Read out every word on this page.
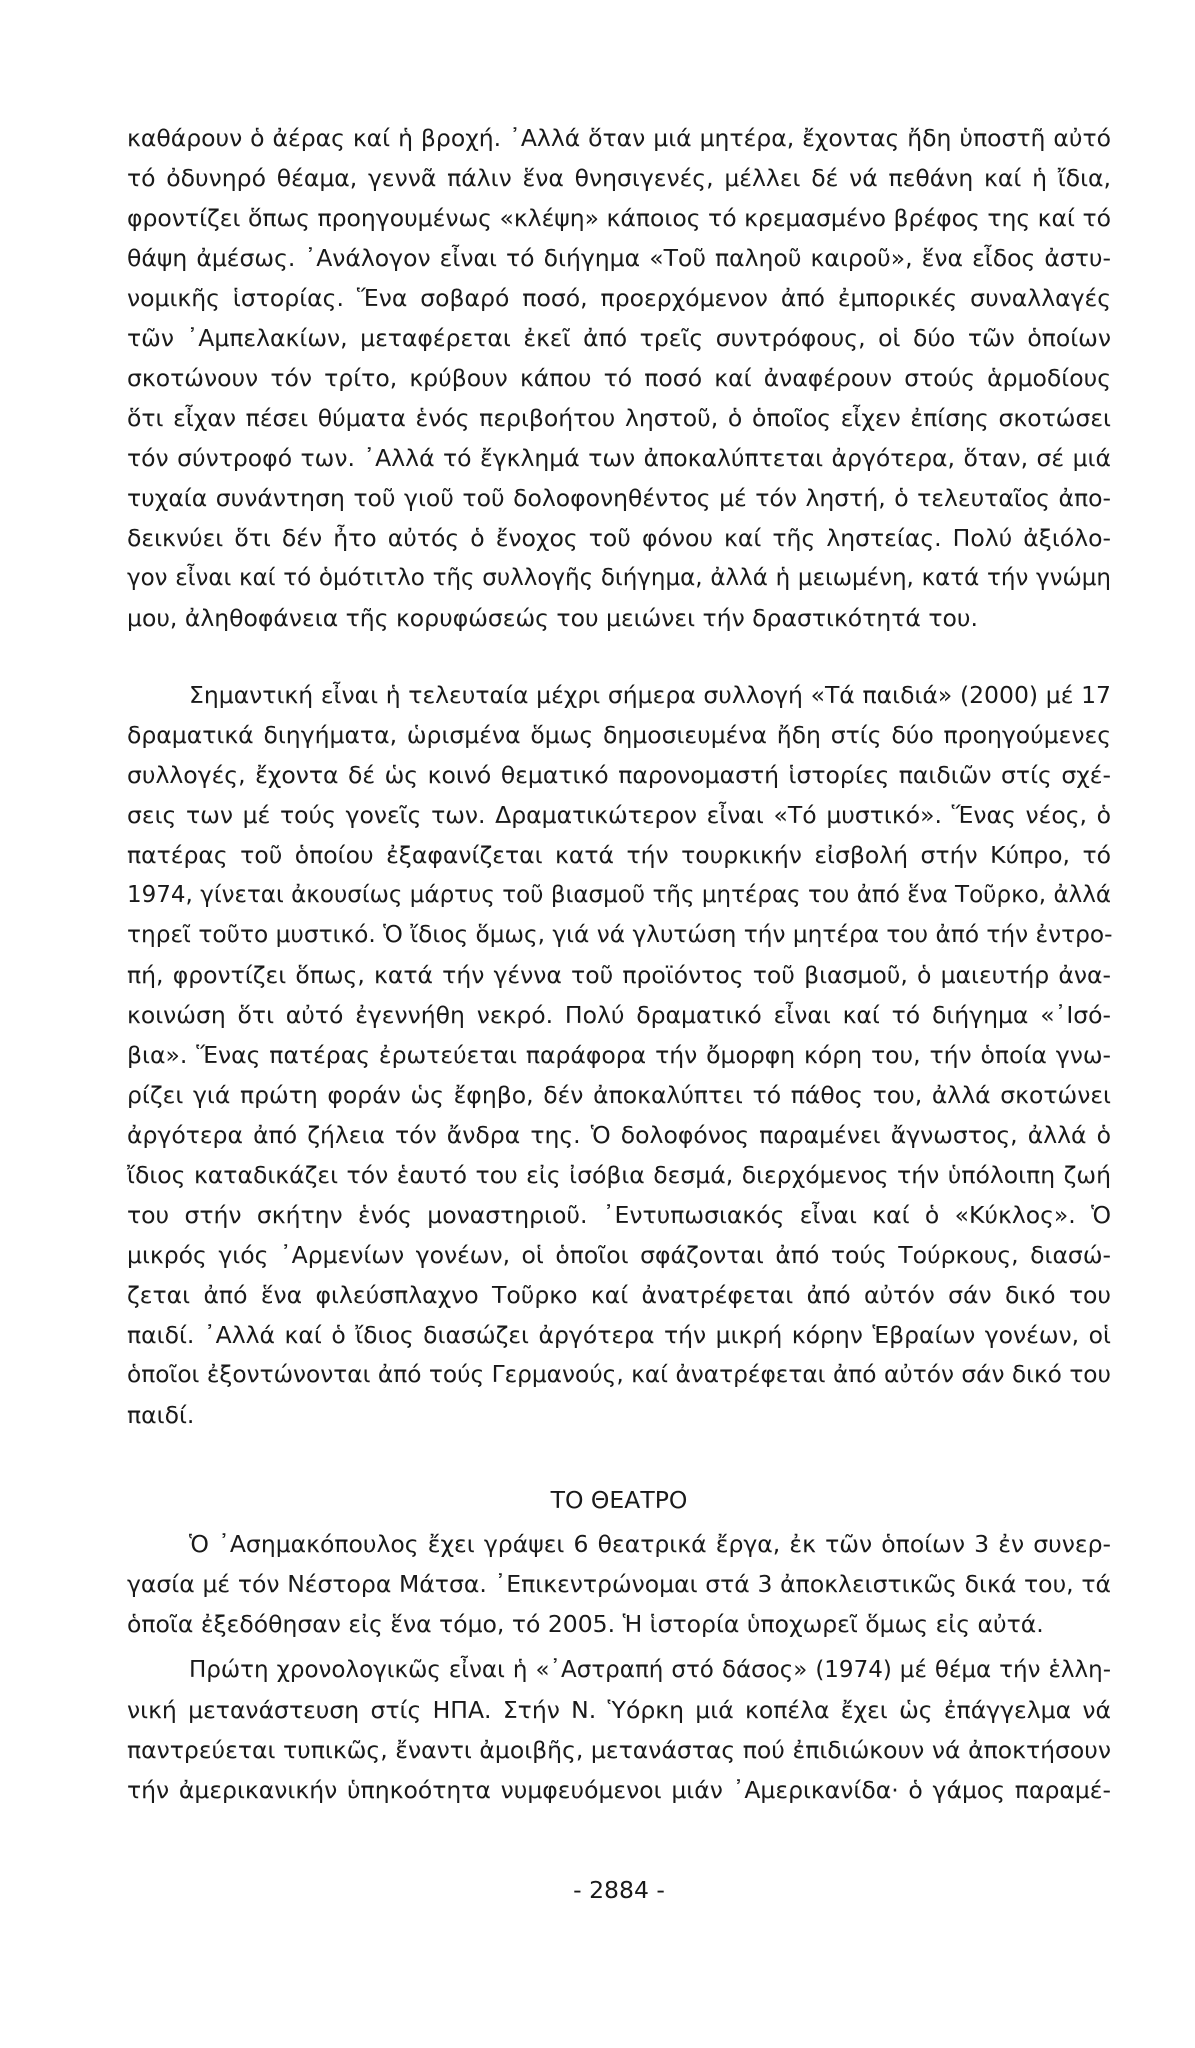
καθάρουν ὁ ἀέρας καί ἡ βροχή. ᾿Αλλά ὅταν μιά μητέρα, ἔχοντας ἤδη ὑποστῆ αὐτό
τό ὀδυνηρό θέαμα, γεννᾶ πάλιν ἕνα θνησιγενές, μέλλει δέ νά πεθάνη καί ἡ ἴδια,
φροντίζει ὅπως προηγουμένως «κλέψη» κάποιος τό κρεμασμένο βρέφος της καί τό
θάψη ἀμέσως. ᾿Ανάλογον εἶναι τό διήγημα «Τοῦ παληοῦ καιροῦ», ἕνα εἶδος ἀστυ-
νομικῆς ἱστορίας. Ἕνα σοβαρό ποσό, προερχόμενον ἀπό ἐμπορικές συναλλαγές
τῶν ᾿Αμπελακίων, μεταφέρεται ἐκεῖ ἀπό τρεῖς συντρόφους, οἱ δύο τῶν ὁποίων
σκοτώνουν τόν τρίτο, κρύβουν κάπου τό ποσό καί ἀναφέρουν στούς ἁρμοδίους
ὅτι εἶχαν πέσει θύματα ἑνός περιβοήτου ληστοῦ, ὁ ὁποῖος εἶχεν ἐπίσης σκοτώσει
τόν σύντροφό των. ᾿Αλλά τό ἔγκλημά των ἀποκαλύπτεται ἀργότερα, ὅταν, σέ μιά
τυχαία συνάντηση τοῦ γιοῦ τοῦ δολοφονηθέντος μέ τόν ληστή, ὁ τελευταῖος ἀπο-
δεικνύει ὅτι δέν ἦτο αὐτός ὁ ἔνοχος τοῦ φόνου καί τῆς ληστείας. Πολύ ἀξιόλο-
γον εἶναι καί τό ὁμότιτλο τῆς συλλογῆς διήγημα, ἀλλά ἡ μειωμένη, κατά τήν γνώμη
μου, ἀληθοφάνεια τῆς κορυφώσεώς του μειώνει τήν δραστικότητά του.
Σημαντική εἶναι ἡ τελευταία μέχρι σήμερα συλλογή «Τά παιδιά» (2000) μέ 17
δραματικά διηγήματα, ὡρισμένα ὅμως δημοσιευμένα ἤδη στίς δύο προηγούμενες
συλλογές, ἔχοντα δέ ὡς κοινό θεματικό παρονομαστή ἱστορίες παιδιῶν στίς σχέ-
σεις των μέ τούς γονεῖς των. Δραματικώτερον εἶναι «Τό μυστικό». Ἕνας νέος, ὁ
πατέρας τοῦ ὁποίου ἐξαφανίζεται κατά τήν τουρκικήν εἰσβολή στήν Κύπρο, τό
1974, γίνεται ἀκουσίως μάρτυς τοῦ βιασμοῦ τῆς μητέρας του ἀπό ἕνα Τοῦρκο, ἀλλά
τηρεῖ τοῦτο μυστικό. Ὁ ἴδιος ὅμως, γιά νά γλυτώση τήν μητέρα του ἀπό τήν ἐντρο-
πή, φροντίζει ὅπως, κατά τήν γέννα τοῦ προϊόντος τοῦ βιασμοῦ, ὁ μαιευτήρ ἀνα-
κοινώση ὅτι αὐτό ἐγεννήθη νεκρό. Πολύ δραματικό εἶναι καί τό διήγημα «᾿Ισό-
βια». Ἕνας πατέρας ἐρωτεύεται παράφορα τήν ὄμορφη κόρη του, τήν ὁποία γνω-
ρίζει γιά πρώτη φοράν ὡς ἔφηβο, δέν ἀποκαλύπτει τό πάθος του, ἀλλά σκοτώνει
ἀργότερα ἀπό ζήλεια τόν ἄνδρα της. Ὁ δολοφόνος παραμένει ἄγνωστος, ἀλλά ὁ
ἴδιος καταδικάζει τόν ἑαυτό του εἰς ἰσόβια δεσμά, διερχόμενος τήν ὑπόλοιπη ζωή
του στήν σκήτην ἑνός μοναστηριοῦ. ᾿Εντυπωσιακός εἶναι καί ὁ «Κύκλος». Ὁ
μικρός γιός ᾿Αρμενίων γονέων, οἱ ὁποῖοι σφάζονται ἀπό τούς Τούρκους, διασώ-
ζεται ἀπό ἕνα φιλεύσπλαχνο Τοῦρκο καί ἀνατρέφεται ἀπό αὐτόν σάν δικό του
παιδί. ᾿Αλλά καί ὁ ἴδιος διασώζει ἀργότερα τήν μικρή κόρην Ἑβραίων γονέων, οἱ
ὁποῖοι ἐξοντώνονται ἀπό τούς Γερμανούς, καί ἀνατρέφεται ἀπό αὐτόν σάν δικό του
παιδί.
ΤΟ ΘΕΑΤΡΟ
Ὁ ᾿Ασημακόπουλος ἔχει γράψει 6 θεατρικά ἔργα, ἐκ τῶν ὁποίων 3 ἐν συνερ-
γασία μέ τόν Νέστορα Μάτσα. ᾿Επικεντρώνομαι στά 3 ἀποκλειστικῶς δικά του, τά
ὁποῖα ἐξεδόθησαν εἰς ἕνα τόμο, τό 2005. Ἡ ἱστορία ὑποχωρεῖ ὅμως εἰς αὐτά.
Πρώτη χρονολογικῶς εἶναι ἡ «᾿Αστραπή στό δάσος» (1974) μέ θέμα τήν ἑλλη-
νική μετανάστευση στίς ΗΠΑ. Στήν Ν. Ὑόρκη μιά κοπέλα ἔχει ὡς ἐπάγγελμα νά
παντρεύεται τυπικῶς, ἔναντι ἀμοιβῆς, μετανάστας πού ἐπιδιώκουν νά ἀποκτήσουν
τήν ἀμερικανικήν ὑπηκοότητα νυμφευόμενοι μιάν ᾿Αμερικανίδα· ὁ γάμος παραμέ-
- 2884 -
